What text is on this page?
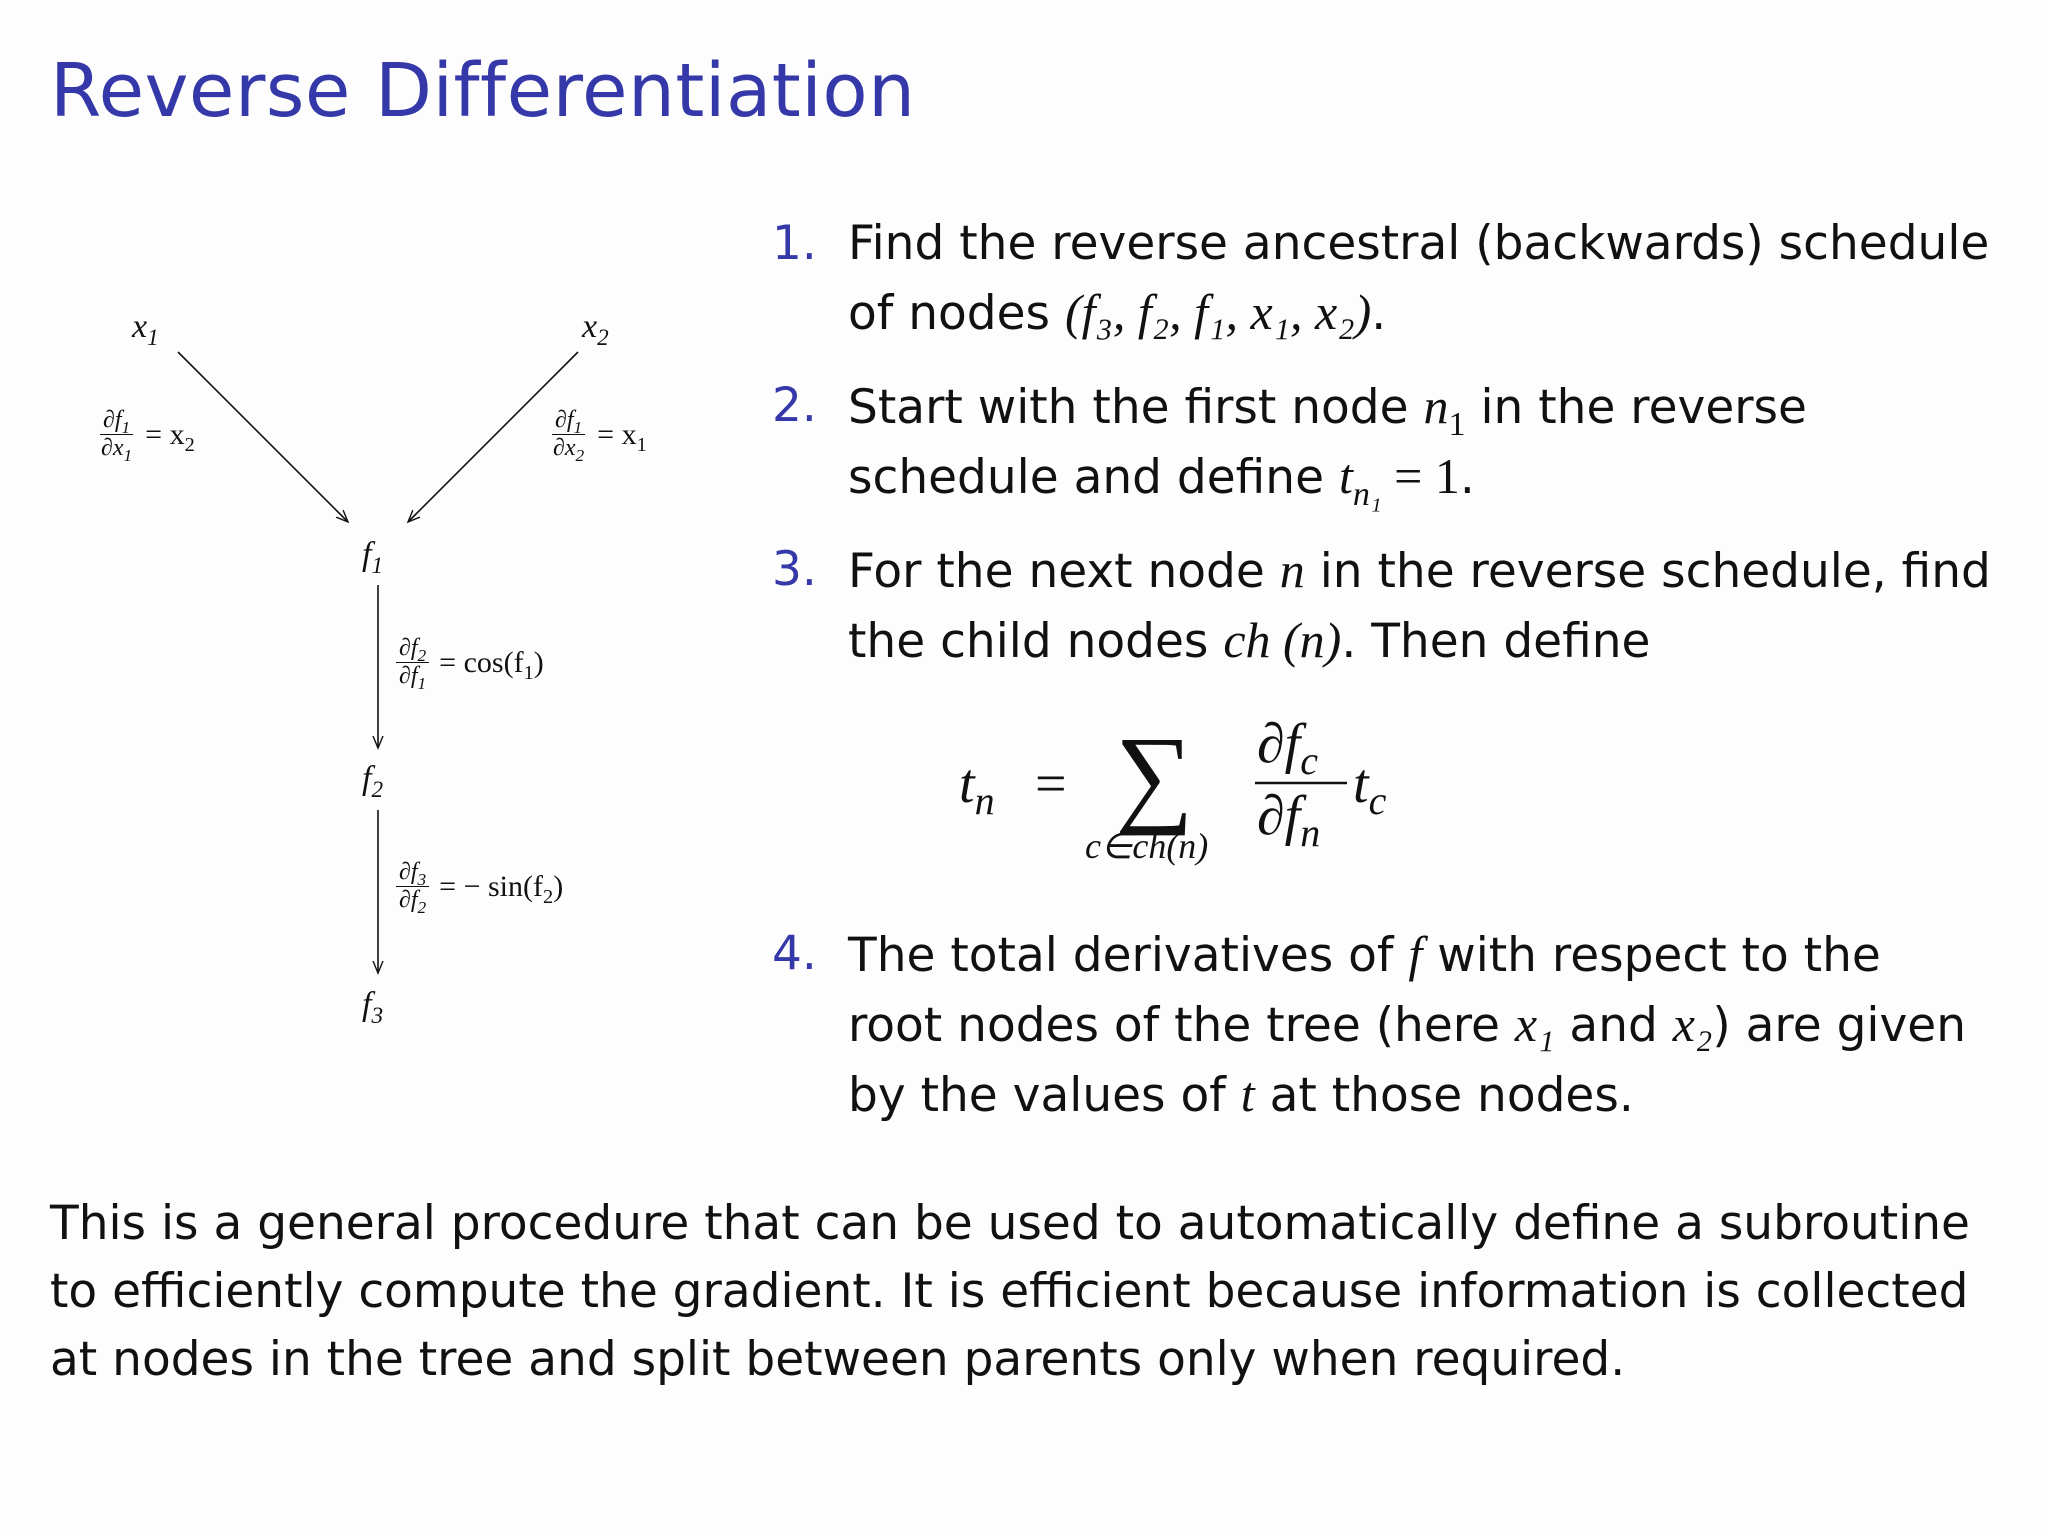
Reverse Differentiation
$x_1$	$x_2$
$f_1$
$f_2$
$f_3$
$\frac{\partial f_1}{\partial x_1} = x_2$	$\frac{\partial f_1}{\partial x_2} = x_1$
$\frac{\partial f_2}{\partial f_1} = \cos(f_1)$
$\frac{\partial f_3}{\partial f_2}$ = − $\sin(f_2)$
1. Find the reverse ancestral (backwards) schedule
of nodes (f₃, f₂, f₁, x₁, x₂).
2. Start with the first node $n_1$ in the reverse
schedule and define $t_{n_1} = 1$.
3. For the next node n in the reverse schedule, find
the child nodes ch (n). Then define
4. The total derivatives of f with respect to the
root nodes of the tree (here x₁ and x₂) are given
by the values of t at those nodes.
$t_n$ = ∑
c∈ch(n)
$\partial f_c$
$\partial f_n$
$t_c$
This is a general procedure that can be used to automatically define a subroutine
to efficiently compute the gradient. It is efficient because information is collected
at nodes in the tree and split between parents only when required.
